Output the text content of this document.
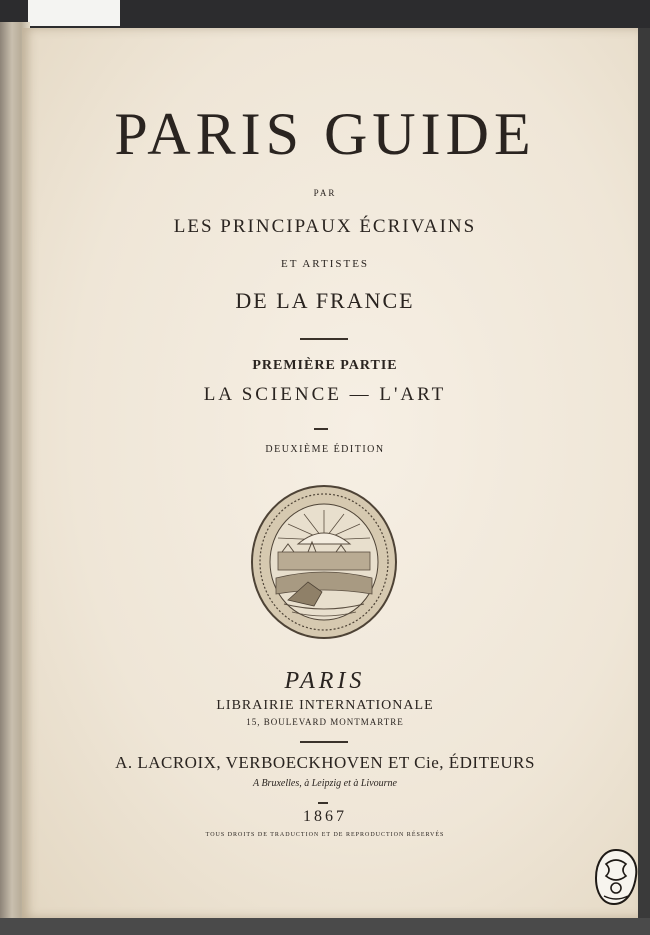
PARIS GUIDE
PAR
LES PRINCIPAUX ÉCRIVAINS
ET ARTISTES
DE LA FRANCE
PREMIÈRE PARTIE
LA SCIENCE — L'ART
DEUXIÈME ÉDITION
PARIS
LIBRAIRIE INTERNATIONALE
15, BOULEVARD MONTMARTRE
A. LACROIX, VERBOECKHOVEN ET Cie, ÉDITEURS
A Bruxelles, à Leipzig et à Livourne
1867
TOUS DROITS DE TRADUCTION ET DE REPRODUCTION RÉSERVÉS
